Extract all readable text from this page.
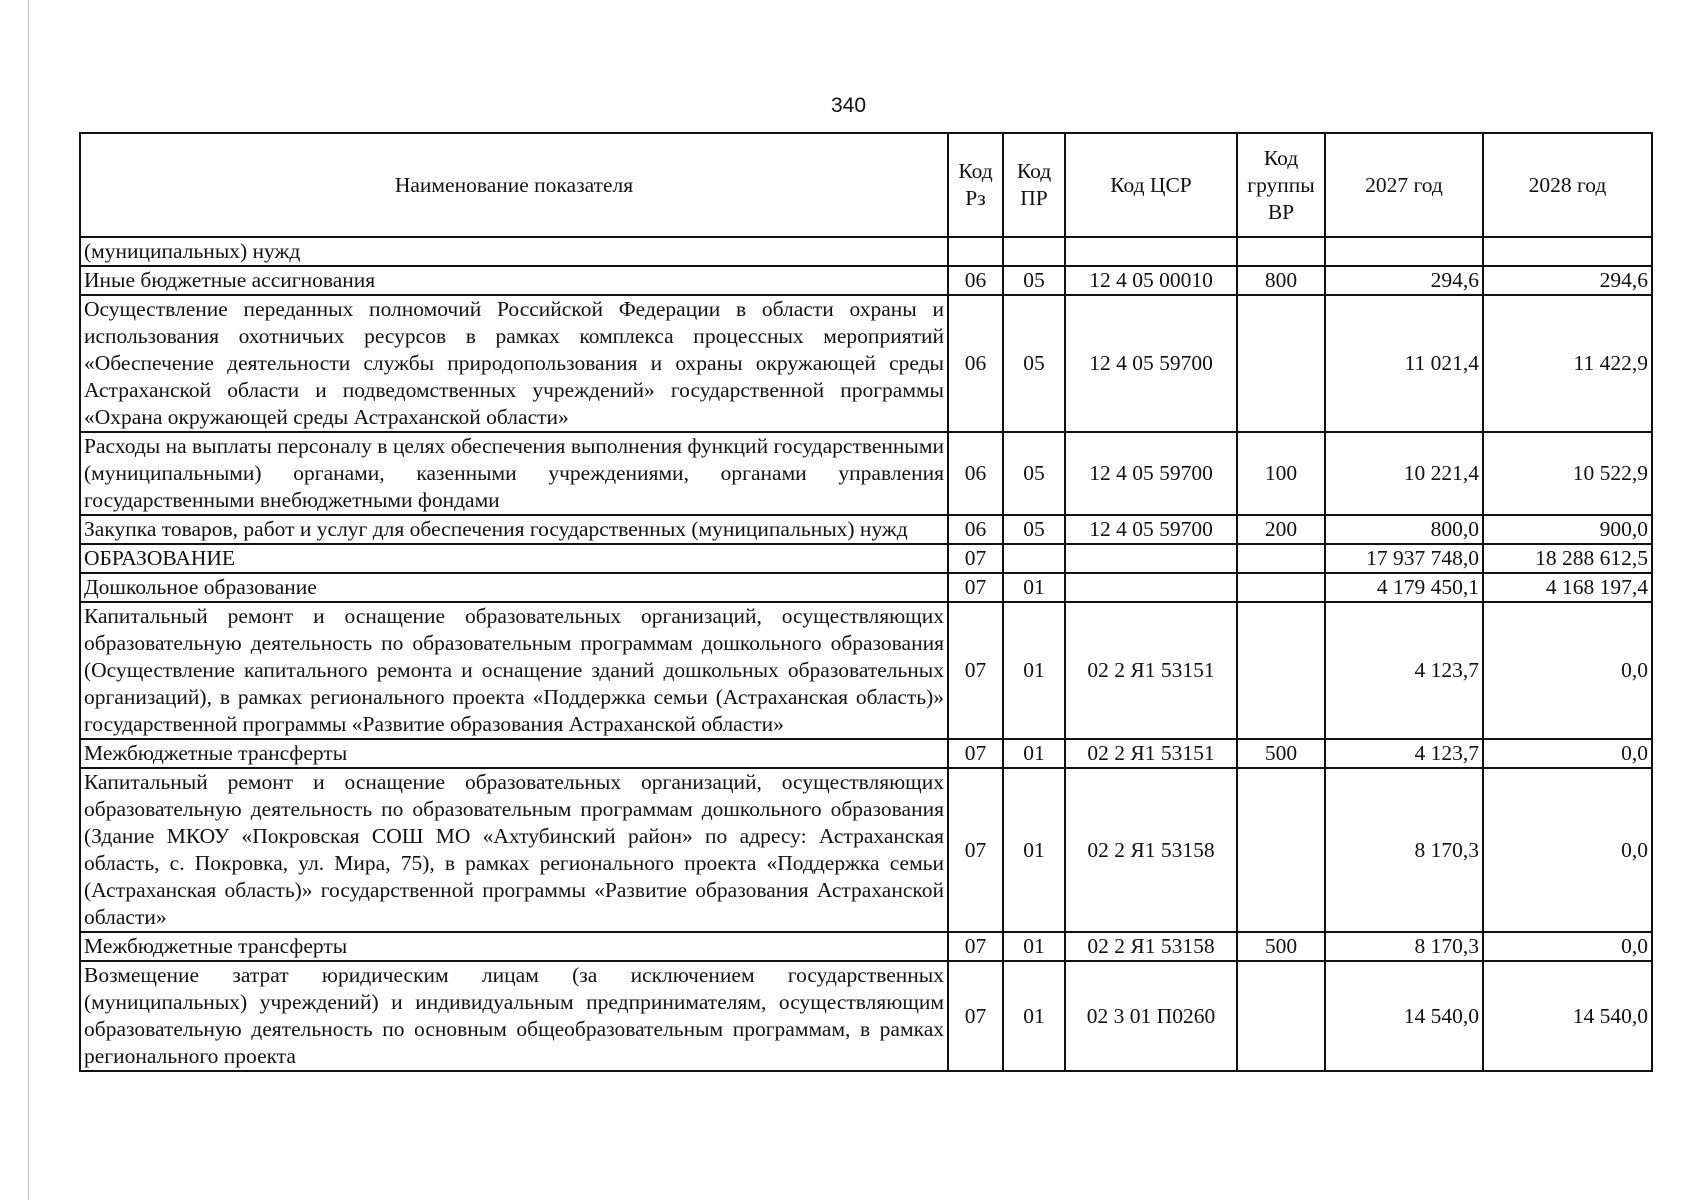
340
Наименование показателя	Код Рз	Код ПР	Код ЦСР	Код группы ВР	2027 год	2028 год
(муниципальных) нужд						
Иные бюджетные ассигнования	06	05	12 4 05 00010	800	294,6	294,6
Осуществление переданных полномочий Российской Федерации в области охраны и использования охотничьих ресурсов в рамках комплекса процессных мероприятий «Обеспечение деятельности службы природопользования и охраны окружающей среды Астраханской области и подведомственных учреждений» государственной программы «Охрана окружающей среды Астраханской области»	06	05	12 4 05 59700		11 021,4	11 422,9
Расходы на выплаты персоналу в целях обеспечения выполнения функций государственными (муниципальными) органами, казенными учреждениями, органами управления государственными внебюджетными фондами	06	05	12 4 05 59700	100	10 221,4	10 522,9
Закупка товаров, работ и услуг для обеспечения государственных (муниципальных) нужд	06	05	12 4 05 59700	200	800,0	900,0
ОБРАЗОВАНИЕ	07				17 937 748,0	18 288 612,5
Дошкольное образование	07	01			4 179 450,1	4 168 197,4
Капитальный ремонт и оснащение образовательных организаций, осуществляющих образовательную деятельность по образовательным программам дошкольного образования (Осуществление капитального ремонта и оснащение зданий дошкольных образовательных организаций), в рамках регионального проекта «Поддержка семьи (Астраханская область)» государственной программы «Развитие образования Астраханской области»	07	01	02 2 Я1 53151		4 123,7	0,0
Межбюджетные трансферты	07	01	02 2 Я1 53151	500	4 123,7	0,0
Капитальный ремонт и оснащение образовательных организаций, осуществляющих образовательную деятельность по образовательным программам дошкольного образования (Здание МКОУ «Покровская СОШ МО «Ахтубинский район» по адресу: Астраханская область, с. Покровка, ул. Мира, 75), в рамках регионального проекта «Поддержка семьи (Астраханская область)» государственной программы «Развитие образования Астраханской области»	07	01	02 2 Я1 53158		8 170,3	0,0
Межбюджетные трансферты	07	01	02 2 Я1 53158	500	8 170,3	0,0
Возмещение затрат юридическим лицам (за исключением государственных (муниципальных) учреждений) и индивидуальным предпринимателям, осуществляющим образовательную деятельность по основным общеобразовательным программам, в рамках регионального проекта	07	01	02 3 01 П0260		14 540,0	14 540,0
